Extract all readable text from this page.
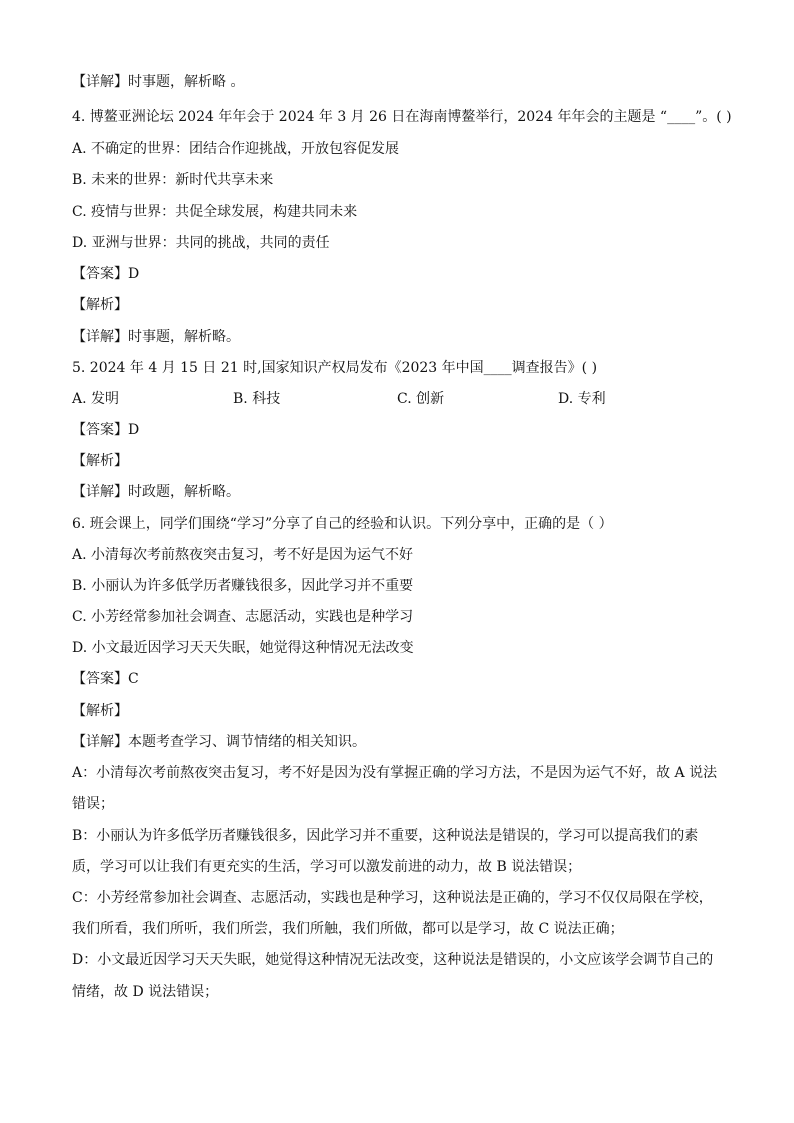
【详解】时事题，解析略 。
4. 博鳌亚洲论坛 2024 年年会于 2024 年 3 月 26 日在海南博鳌举行，2024 年年会的主题是 “____”。( )
A. 不确定的世界：团结合作迎挑战，开放包容促发展
B. 未来的世界：新时代共享未来
C. 疫情与世界：共促全球发展，构建共同未来
D. 亚洲与世界：共同的挑战，共同的责任
【答案】D
【解析】
【详解】时事题，解析略。
5. 2024 年 4 月 15 日 21 时,国家知识产权局发布《2023 年中国____调查报告》( )
A. 发明	B. 科技	C. 创新	D. 专利
【答案】D
【解析】
【详解】时政题，解析略。
6. 班会课上，同学们围绕“学习”分享了自己的经验和认识。下列分享中，正确的是（ ）
A. 小清每次考前熬夜突击复习，考不好是因为运气不好
B. 小丽认为许多低学历者赚钱很多，因此学习并不重要
C. 小芳经常参加社会调查、志愿活动，实践也是种学习
D. 小文最近因学习天天失眠，她觉得这种情况无法改变
【答案】C
【解析】
【详解】本题考查学习、调节情绪的相关知识。
A：小清每次考前熬夜突击复习，考不好是因为没有掌握正确的学习方法，不是因为运气不好，故 A 说法
错误；
B：小丽认为许多低学历者赚钱很多，因此学习并不重要，这种说法是错误的，学习可以提高我们的素
质，学习可以让我们有更充实的生活，学习可以激发前进的动力，故 B 说法错误；
C：小芳经常参加社会调查、志愿活动，实践也是种学习，这种说法是正确的，学习不仅仅局限在学校，
我们所看，我们所听，我们所尝，我们所触，我们所做，都可以是学习，故 C 说法正确；
D：小文最近因学习天天失眠，她觉得这种情况无法改变，这种说法是错误的，小文应该学会调节自己的
情绪，故 D 说法错误；
